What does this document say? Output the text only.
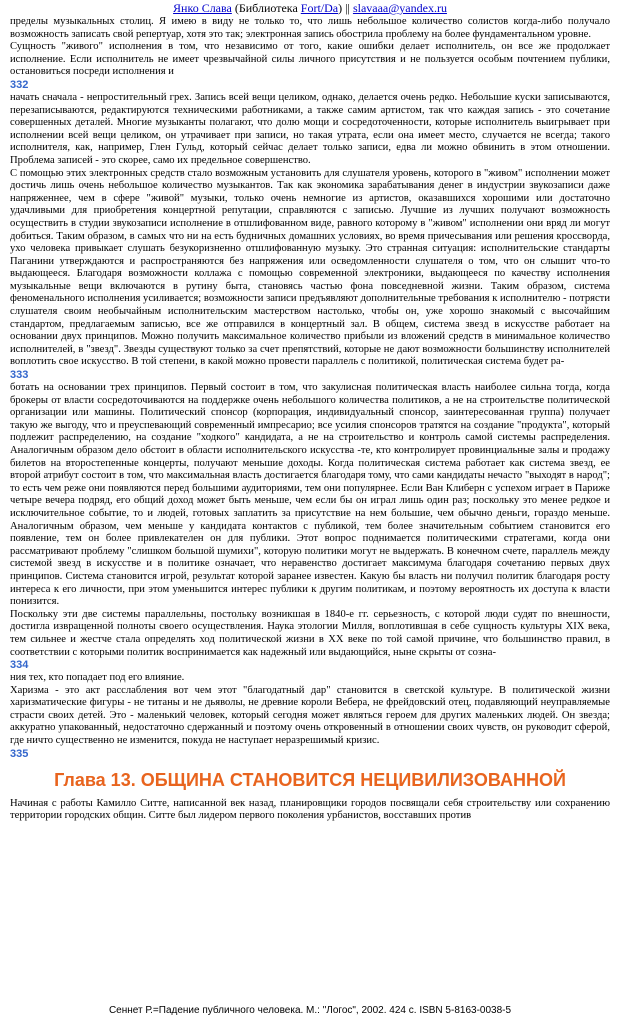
Янко Слава (Библиотека Fort/Da) || slavaaa@yandex.ru

пределы музыкальных столиц. Я имею в виду не только то, что лишь небольшое количество солистов когда-либо получало возможность записать свой репертуар, хотя это так; электронная запись обострила проблему на более фундаментальном уровне.

Сущность "живого" исполнения в том, что независимо от того, какие ошибки делает исполнитель, он все же продолжает исполнение. Если исполнитель не имеет чрезвычайной силы личного присутствия и не пользуется особым почтением публики, остановиться посреди исполнения и

332

начать сначала - непростительный грех. Запись всей вещи целиком, однако, делается очень редко. Небольшие куски записываются, перезаписываются, редактируются техническими работниками, а также самим артистом, так что каждая запись - это сочетание совершенных деталей. Многие музыканты полагают, что долю мощи и сосредоточенности, которые исполнитель выигрывает при исполнении всей вещи целиком, он утрачивает при записи, но такая утрата, если она имеет место, случается не всегда; такого исполнителя, как, например, Глен Гульд, который сейчас делает только записи, едва ли можно обвинить в этом отношении. Проблема записей - это скорее, само их предельное совершенство.

С помощью этих электронных средств стало возможным установить для слушателя уровень, которого в "живом" исполнении может достичь лишь очень небольшое количество музыкантов. Так как экономика зарабатывания денег в индустрии звукозаписи даже напряженнее, чем в сфере "живой" музыки, только очень немногие из артистов, оказавшихся хорошими или достаточно удачливыми для приобретения концертной репутации, справляются с записью. Лучшие из лучших получают возможность осуществить в студии звукозаписи исполнение в отшлифованном виде, равного которому в "живом" исполнении они вряд ли могут добиться. Таким образом, в самых что ни на есть будничных домашних условиях, во время причесывания или решения кроссворда, ухо человека привыкает слушать безукоризненно отшлифованную музыку. Это странная ситуация: исполнительские стандарты Паганини утверждаются и распространяются без напряжения или осведомленности слушателя о том, что он слышит что-то выдающееся. Благодаря возможности коллажа с помощью современной электроники, выдающееся по качеству исполнения музыкальные вещи включаются в рутину быта, становясь частью фона повседневной жизни. Таким образом, система феноменального исполнения усиливается; возможности записи предъявляют дополнительные требования к исполнителю - потрясти слушателя своим необычайным исполнительским мастерством настолько, чтобы он, уже хорошо знакомый с высочайшим стандартом, предлагаемым записью, все же отправился в концертный зал. В общем, система звезд в искусстве работает на основании двух принципов. Можно получить максимальное количество прибыли из вложений средств в минимальное количество исполнителей, в "звезд". Звезды существуют только за счет препятствий, которые не дают возможности большинству исполнителей воплотить свое искусство. В той степени, в какой можно провести параллель с политикой, политическая система будет ра-

333

ботать на основании трех принципов. Первый состоит в том, что закулисная политическая власть наиболее сильна тогда, когда брокеры от власти сосредоточиваются на поддержке очень небольшого количества политиков, а не на строительстве политической организации или машины. Политический спонсор (корпорация, индивидуальный спонсор, заинтересованная группа) получает такую же выгоду, что и преуспевающий современный импресарио; все усилия спонсоров тратятся на создание "продукта", который подлежит распределению, на создание "ходкого" кандидата, а не на строительство и контроль самой системы распределения. Аналогичным образом дело обстоит в области исполнительского искусства -те, кто контролирует провинциальные залы и продажу билетов на второстепенные концерты, получают меньшие доходы. Когда политическая система работает как система звезд, ее второй атрибут состоит в том, что максимальная власть достигается благодаря тому, что сами кандидаты нечасто "выходят в народ"; то есть чем реже они появляются перед большими аудиториями, тем они популярнее. Если Ван Клиберн с успехом играет в Париже четыре вечера подряд, его общий доход может быть меньше, чем если бы он играл лишь один раз; поскольку это менее редкое и исключительное событие, то и людей, готовых заплатить за присутствие на нем большие, чем обычно деньги, гораздо меньше. Аналогичным образом, чем меньше у кандидата контактов с публикой, тем более значительным событием становится его появление, тем он более привлекателен он для публики. Этот вопрос поднимается политическими стратегами, когда они рассматривают проблему "слишком большой шумихи", которую политики могут не выдержать. В конечном счете, параллель между системой звезд в искусстве и в политике означает, что неравенство достигает максимума благодаря сочетанию первых двух принципов. Система становится игрой, результат которой заранее известен. Какую бы власть ни получил политик благодаря росту интереса к его личности, при этом уменьшится интерес публики к другим политикам, и поэтому вероятность их доступа к власти понизится.

Поскольку эти две системы параллельны, постольку возникшая в 1840-е гг. серьезность, с которой люди судят по внешности, достигла извращенной полноты своего осуществления. Наука этологии Милля, воплотившая в себе сущность культуры XIX века, тем сильнее и жестче стала определять ход политической жизни в XX веке по той самой причине, что большинство правил, в соответствии с которыми политик воспринимается как надежный или выдающийся, ныне скрыты от созна-

334

ния тех, кто попадает под его влияние.

Харизма - это акт расслабления вот чем этот "благодатный дар" становится в светской культуре. В политической жизни харизматические фигуры - не титаны и не дьяволы, не древние короли Вебера, не фрейдовский отец, подавляющий неуправляемые страсти своих детей. Это - маленький человек, который сегодня может являться героем для других маленьких людей. Он звезда; аккуратно упакованный, недостаточно сдержанный и поэтому очень откровенный в отношении своих чувств, он руководит сферой, где ничто существенно не изменится, покуда не наступает неразрешимый кризис.

335
Глава 13. ОБЩИНА СТАНОВИТСЯ НЕЦИВИЛИЗОВАННОЙ

Начиная с работы Камилло Ситте, написанной век назад, планировщики городов посвящали себя строительству или сохранению территории городских общин. Ситте был лидером первого поколения урбанистов, восставших против

Сеннет Р.=Падение публичного человека. М.: "Логос", 2002. 424 с. ISBN 5-8163-0038-5
